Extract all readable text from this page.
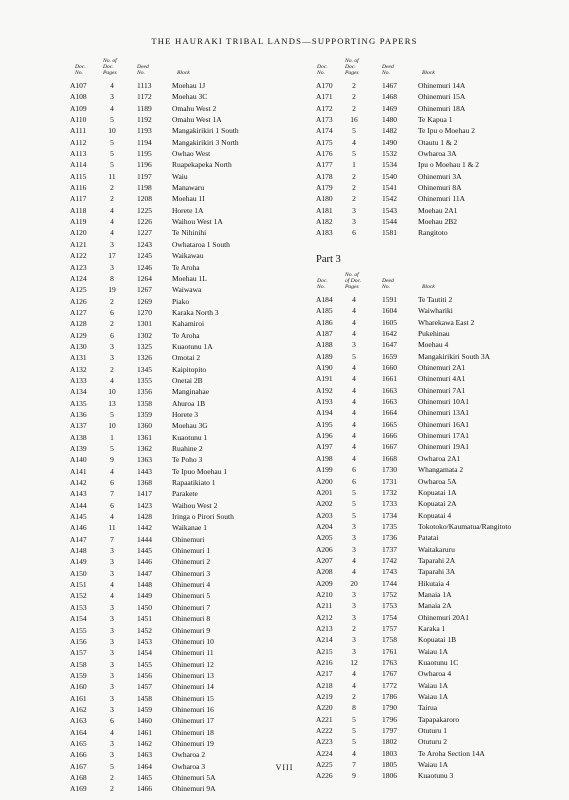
THE HAURAKI TRIBAL LANDS—SUPPORTING PAPERS
Doc.
No.
No. of
Doc.
Pages
Deed
No.	Block
A107	4	1113	Moehau 1J
A108	3	1172	Moehau 3C
A109	4	1189	Omahu West 2
A110	5	1192	Omahu West 1A
A111	10	1193	Mangakirikiri 1 South
A112	5	1194	Mangakirikiri 3 North
A113	5	1195	Owhao West
A114	5	1196	Ruapekapeka North
A115	11	1197	Waiu
A116	2	1198	Manawaru
A117	2	1208	Moehau 1I
A118	4	1225	Horete 1A
A119	4	1226	Waihou West 1A
A120	4	1227	Te Nihinihi
A121	3	1243	Owhataroa 1 South
A122	17	1245	Waikawau
A123	3	1246	Te Aroha
A124	8	1264	Moehau 1L
A125	19	1267	Waiwawa
A126	2	1269	Piako
A127	6	1270	Karaka North 3
A128	2	1301	Kahamiroi
A129	6	1302	Te Aroha
A130	3	1325	Kuaotunu 1A
A131	3	1326	Omotai 2
A132	2	1345	Kaipitopito
A133	4	1355	Onetai 2B
A134	10	1356	Manginahae
A135	13	1358	Ahuroa 1B
A136	5	1359	Horete 3
A137	10	1360	Moehau 3G
A138	1	1361	Kuaotunu 1
A139	5	1362	Ruahine 2
A140	9	1363	Te Poho 3
A141	4	1443	Te Ipuo Moehau 1
A142	6	1368	Rapaatikiato 1
A143	7	1417	Parakete
A144	6	1423	Waihou West 2
A145	4	1428	Iringa o Pirori South
A146	11	1442	Waikanae 1
A147	7	1444	Ohinemuri
A148	3	1445	Ohinemuri 1
A149	3	1446	Ohinemuri 2
A150	3	1447	Ohinemuri 3
A151	4	1448	Ohinemuri 4
A152	4	1449	Ohinemuri 5
A153	3	1450	Ohinemuri 7
A154	3	1451	Ohinemuri 8
A155	3	1452	Ohinemuri 9
A156	3	1453	Ohinemuri 10
A157	3	1454	Ohinemuri 11
A158	3	1455	Ohinemuri 12
A159	3	1456	Ohinemuri 13
A160	3	1457	Ohinemuri 14
A161	3	1458	Ohinemuri 15
A162	3	1459	Ohinemuri 16
A163	6	1460	Ohinemuri 17
A164	4	1461	Ohinemuri 18
A165	3	1462	Ohinemuri 19
A166	3	1463	Owharoa 2
A167	5	1464	Owharoa 3
A168	2	1465	Ohinemuri 5A
A169	2	1466	Ohinemuri 9A
Doc.
No.
No. of
Doc.
Pages
Deed
No.	Block
A170	2	1467	Ohinemuri 14A
A171	2	1468	Ohinemuri 15A
A172	2	1469	Ohinemuri 18A
A173	16	1480	Te Kapua 1
A174	5	1482	Te Ipu o Moehau 2
A175	4	1490	Otautu 1 & 2
A176	5	1532	Owharoa 3A
A177	1	1534	Ipu o Moehau 1 & 2
A178	2	1540	Ohinemuri 3A
A179	2	1541	Ohinemuri 8A
A180	2	1542	Ohinemuri 11A
A181	3	1543	Moehau 2A1
A182	3	1544	Moehau 2B2
A183	6	1581	Rangitoto
Part 3
Doc.
No.
No. of
of Doc.
Pages
Deed
No.	Block
A184	4	1591	Te Tautiti 2
A185	4	1604	Waiwhariki
A186	4	1605	Wharekawa East 2
A187	4	1642	Pukehinau
A188	3	1647	Moehau 4
A189	5	1659	Mangakirikiri South 3A
A190	4	1660	Ohinemuri 2A1
A191	4	1661	Ohinemuri 4A1
A192	4	1663	Ohinemuri 7A1
A193	4	1663	Ohinemuri 10A1
A194	4	1664	Ohinemuri 13A1
A195	4	1665	Ohinemuri 16A1
A196	4	1666	Ohinemuri 17A1
A197	4	1667	Ohinemuri 19A1
A198	4	1668	Owharoa 2A1
A199	6	1730	Whangamata 2
A200	6	1731	Owharoa 5A
A201	5	1732	Kopuatai 1A
A202	5	1733	Kopuatai 2A
A203	5	1734	Kopuatai 4
A204	3	1735	Tokotoko/Kaumatua/Rangitoto
A205	3	1736	Patatai
A206	3	1737	Waitakaruru
A207	4	1742	Taparahi 2A
A208	4	1743	Taparahi 3A
A209	20	1744	Hikutaia 4
A210	3	1752	Manaia 1A
A211	3	1753	Manaia 2A
A212	3	1754	Ohinemuri 20A1
A213	2	1757	Karaka 1
A214	3	1758	Kopuatai 1B
A215	3	1761	Waiau 1A
A216	12	1763	Kuaotunu 1C
A217	4	1767	Owharoa 4
A218	4	1772	Waiau 1A
A219	2	1786	Waiau 1A
A220	8	1790	Tairua
A221	5	1796	Tapapakaroro
A222	5	1797	Otuturu 1
A223	5	1802	Otuturu 2
A224	4	1803	Te Aroha Section 14A
A225	7	1805	Waiau 1A
A226	9	1806	Kuaotunu 3
VIII
